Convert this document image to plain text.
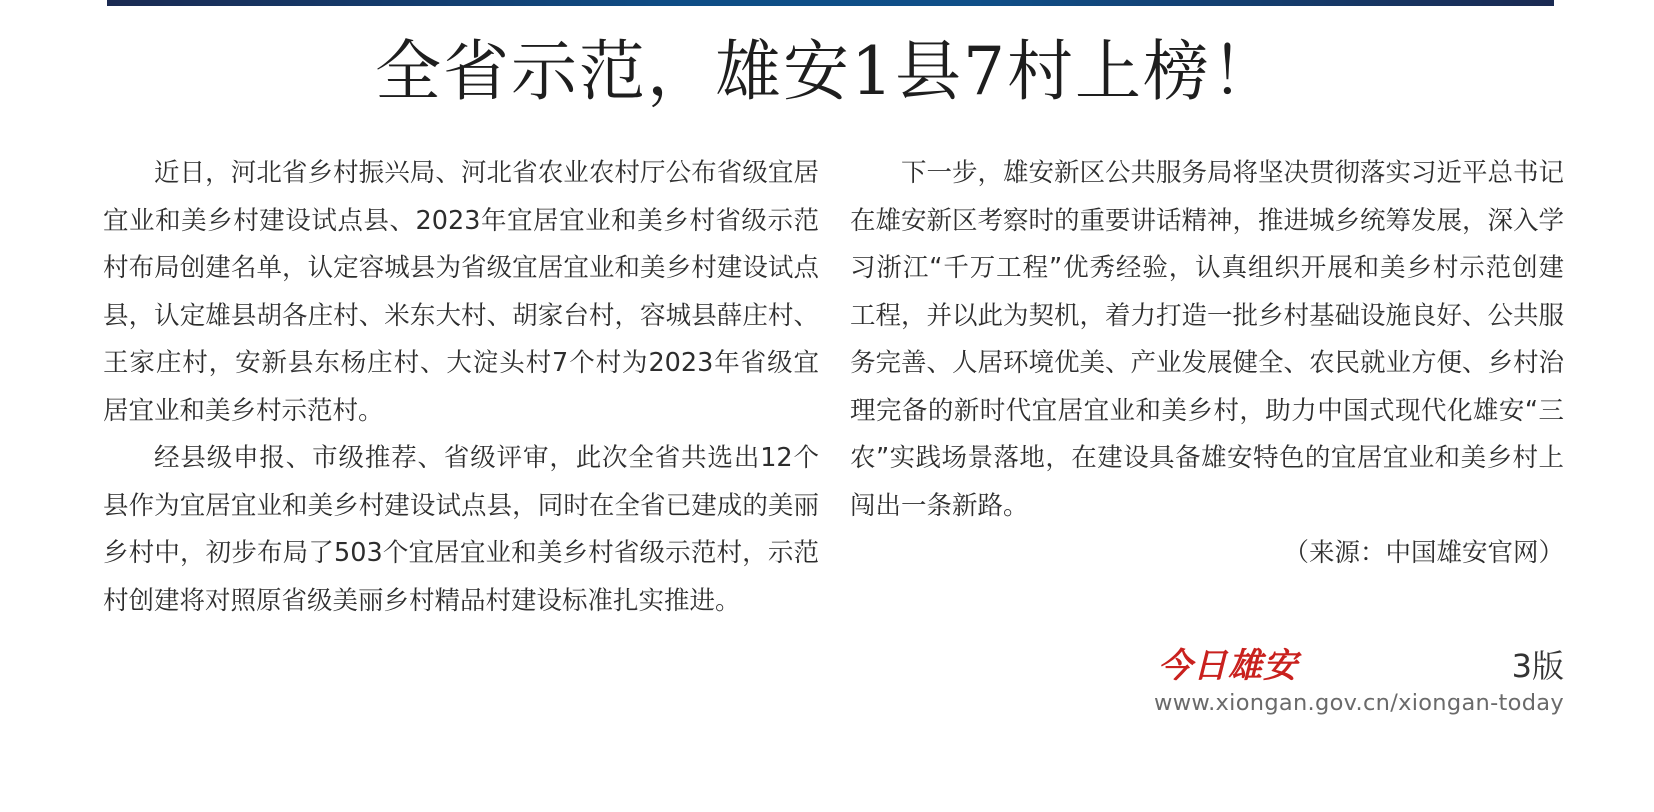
全省示范，雄安1县7村上榜！

近日，河北省乡村振兴局、河北省农业农村厅公布省级宜居宜业和美乡村建设试点县、2023年宜居宜业和美乡村省级示范村布局创建名单，认定容城县为省级宜居宜业和美乡村建设试点县，认定雄县胡各庄村、米东大村、胡家台村，容城县薛庄村、王家庄村，安新县东杨庄村、大淀头村7个村为2023年省级宜居宜业和美乡村示范村。

经县级申报、市级推荐、省级评审，此次全省共选出12个县作为宜居宜业和美乡村建设试点县，同时在全省已建成的美丽乡村中，初步布局了503个宜居宜业和美乡村省级示范村，示范村创建将对照原省级美丽乡村精品村建设标准扎实推进。

下一步，雄安新区公共服务局将坚决贯彻落实习近平总书记在雄安新区考察时的重要讲话精神，推进城乡统筹发展，深入学习浙江“千万工程”优秀经验，认真组织开展和美乡村示范创建工程，并以此为契机，着力打造一批乡村基础设施良好、公共服务完善、人居环境优美、产业发展健全、农民就业方便、乡村治理完备的新时代宜居宜业和美乡村，助力中国式现代化雄安“三农”实践场景落地，在建设具备雄安特色的宜居宜业和美乡村上闯出一条新路。

（来源：中国雄安官网）

今日雄安	3版
www.xiongan.gov.cn/xiongan-today
